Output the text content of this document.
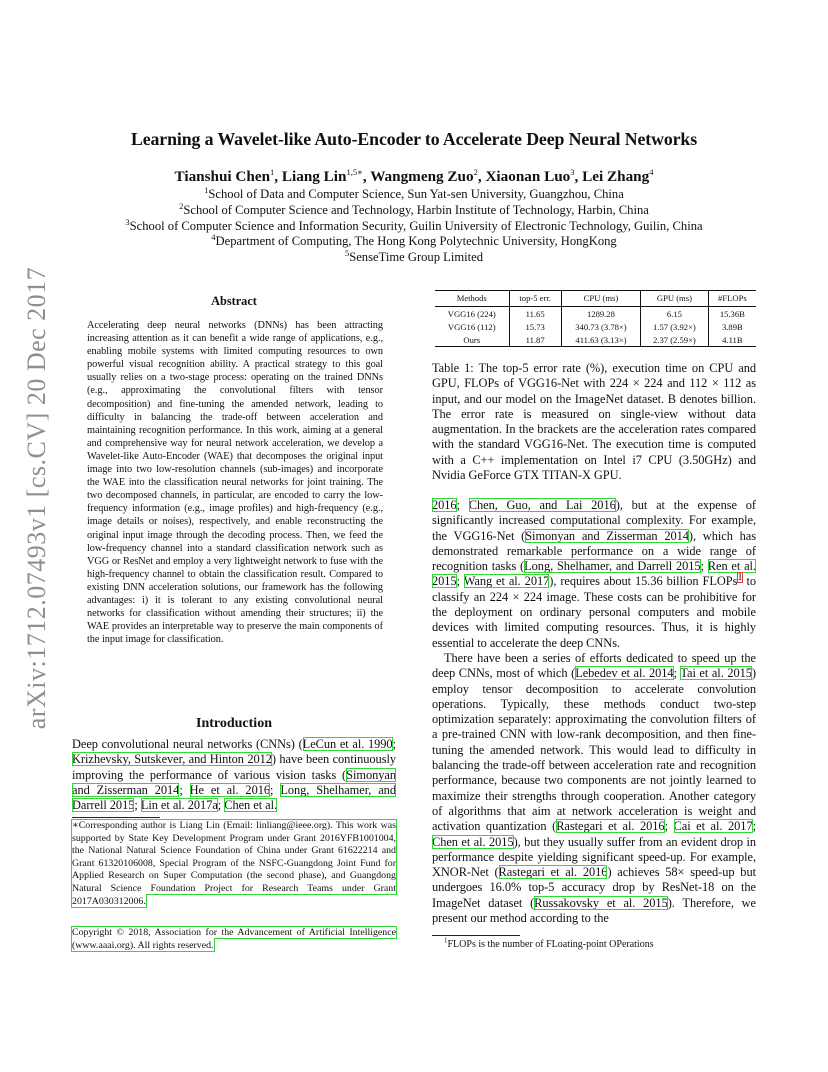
arXiv:1712.07493v1 [cs.CV] 20 Dec 2017
Learning a Wavelet-like Auto-Encoder to Accelerate Deep Neural Networks
Tianshui Chen$^1$, Liang Lin$^{1,5∗}$, Wangmeng Zuo$^2$, Xiaonan Luo$^3$, Lei Zhang$^4$
$^1$School of Data and Computer Science, Sun Yat-sen University, Guangzhou, China
$^2$School of Computer Science and Technology, Harbin Institute of Technology, Harbin, China
$^3$School of Computer Science and Information Security, Guilin University of Electronic Technology, Guilin, China
$^4$Department of Computing, The Hong Kong Polytechnic University, HongKong
$^5$SenseTime Group Limited
Abstract
Accelerating deep neural networks (DNNs) has been attracting increasing attention as it can benefit a wide range of applications, e.g., enabling mobile systems with limited computing resources to own powerful visual recognition ability. A practical strategy to this goal usually relies on a two-stage process: operating on the trained DNNs (e.g., approximating the convolutional filters with tensor decomposition) and fine-tuning the amended network, leading to difficulty in balancing the trade-off between acceleration and maintaining recognition performance. In this work, aiming at a general and comprehensive way for neural network acceleration, we develop a Wavelet-like Auto-Encoder (WAE) that decomposes the original input image into two low-resolution channels (sub-images) and incorporate the WAE into the classification neural networks for joint training. The two decomposed channels, in particular, are encoded to carry the low-frequency information (e.g., image profiles) and high-frequency (e.g., image details or noises), respectively, and enable reconstructing the original input image through the decoding process. Then, we feed the low-frequency channel into a standard classification network such as VGG or ResNet and employ a very lightweight network to fuse with the high-frequency channel to obtain the classification result. Compared to existing DNN acceleration solutions, our framework has the following advantages: i) it is tolerant to any existing convolutional neural networks for classification without amending their structures; ii) the WAE provides an interpretable way to preserve the main components of the input image for classification.
Introduction
Deep convolutional neural networks (CNNs) (LeCun et al. 1990; Krizhevsky, Sutskever, and Hinton 2012) have been continuously improving the performance of various vision tasks (Simonyan and Zisserman 2014; He et al. 2016; Long, Shelhamer, and Darrell 2015; Lin et al. 2017a; Chen et al.
∗Corresponding author is Liang Lin (Email: linliang@ieee.org). This work was supported by State Key Development Program under Grant 2016YFB1001004, the National Natural Science Foundation of China under Grant 61622214 and Grant 61320106008, Special Program of the NSFC-Guangdong Joint Fund for Applied Research on Super Computation (the second phase), and Guangdong Natural Science Foundation Project for Research Teams under Grant 2017A030312006.
Copyright © 2018, Association for the Advancement of Artificial Intelligence (www.aaai.org). All rights reserved.
Methods	top-5 err.	CPU (ms)	GPU (ms)	#FLOPs
VGG16 (224)	11.65	1289.28	6.15	15.36B
VGG16 (112)	15.73	340.73 (3.78×)	1.57 (3.92×)	3.89B
Ours	11.87	411.63 (3.13×)	2.37 (2.59×)	4.11B
Table 1: The top-5 error rate (%), execution time on CPU and GPU, FLOPs of VGG16-Net with 224 × 224 and 112 × 112 as input, and our model on the ImageNet dataset. B denotes billion. The error rate is measured on single-view without data augmentation. In the brackets are the acceleration rates compared with the standard VGG16-Net. The execution time is computed with a C++ implementation on Intel i7 CPU (3.50GHz) and Nvidia GeForce GTX TITAN-X GPU.
2016; Chen, Guo, and Lai 2016), but at the expense of significantly increased computational complexity. For example, the VGG16-Net (Simonyan and Zisserman 2014), which has demonstrated remarkable performance on a wide range of recognition tasks (Long, Shelhamer, and Darrell 2015; Ren et al. 2015; Wang et al. 2017), requires about 15.36 billion FLOPs$^1$ to classify an 224 × 224 image. These costs can be prohibitive for the deployment on ordinary personal computers and mobile devices with limited computing resources. Thus, it is highly essential to accelerate the deep CNNs.
There have been a series of efforts dedicated to speed up the deep CNNs, most of which (Lebedev et al. 2014; Tai et al. 2015) employ tensor decomposition to accelerate convolution operations. Typically, these methods conduct two-step optimization separately: approximating the convolution filters of a pre-trained CNN with low-rank decomposition, and then fine-tuning the amended network. This would lead to difficulty in balancing the trade-off between acceleration rate and recognition performance, because two components are not jointly learned to maximize their strengths through cooperation. Another category of algorithms that aim at network acceleration is weight and activation quantization (Rastegari et al. 2016; Cai et al. 2017; Chen et al. 2015), but they usually suffer from an evident drop in performance despite yielding significant speed-up. For example, XNOR-Net (Rastegari et al. 2016) achieves 58× speed-up but undergoes 16.0% top-5 accuracy drop by ResNet-18 on the ImageNet dataset (Russakovsky et al. 2015). Therefore, we present our method according to the
$^1$FLOPs is the number of FLoating-point OPerations
